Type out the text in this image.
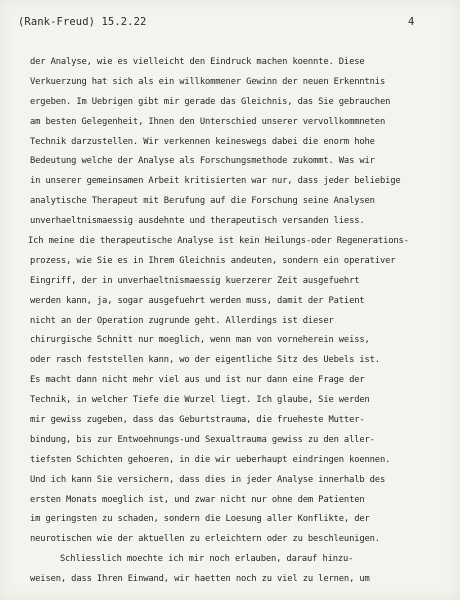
(Rank-Freud) 15.2.22	4
der Analyse, wie es vielleicht den Eindruck machen koennte. Diese
Verkuerzung hat sich als ein willkommener Gewinn der neuen Erkenntnis
ergeben. Im Uebrigen gibt mir gerade das Gleichnis, das Sie gebrauchen
am besten Gelegenheit, Ihnen den Unterschied unserer vervollkommneten
Technik darzustellen. Wir verkennen keineswegs dabei die enorm hohe
Bedeutung welche der Analyse als Forschungsmethode zukommt. Was wir
in unserer gemeinsamen Arbeit kritisierten war nur, dass jeder beliebige
analytische Therapeut mit Berufung auf die Forschung seine Analysen
unverhaeltnismaessig ausdehnte und therapeutisch versanden liess.
Ich meine die therapeutische Analyse ist kein Heilungs-oder Regenerations-
prozess, wie Sie es in Ihrem Gleichnis andeuten, sondern ein operativer
Eingriff, der in unverhaeltnismaessig kuerzerer Zeit ausgefuehrt
werden kann, ja, sogar ausgefuehrt werden muss, damit der Patient
nicht an der Operation zugrunde geht. Allerdings ist dieser
chirurgische Schnitt nur moeglich, wenn man von vorneherein weiss,
oder rasch feststellen kann, wo der eigentliche Sitz des Uebels ist.
Es macht dann nicht mehr viel aus und ist nur dann eine Frage der
Technik, in welcher Tiefe die Wurzel liegt. Ich glaube, Sie werden
mir gewiss zugeben, dass das Geburtstrauma, die frueheste Mutter-
bindung, bis zur Entwoehnungs-und Sexualtrauma gewiss zu den aller-
tiefsten Schichten gehoeren, in die wir ueberhaupt eindringen koennen.
Und ich kann Sie versichern, dass dies in jeder Analyse innerhalb des
ersten Monats moeglich ist, und zwar nicht nur ohne dem Patienten
im geringsten zu schaden, sondern die Loesung aller Konflikte, der
neurotischen wie der aktuellen zu erleichtern oder zu beschleunigen.
Schliesslich moechte ich mir noch erlauben, darauf hinzu-
weisen, dass Ihren Einwand, wir haetten noch zu viel zu lernen, um
